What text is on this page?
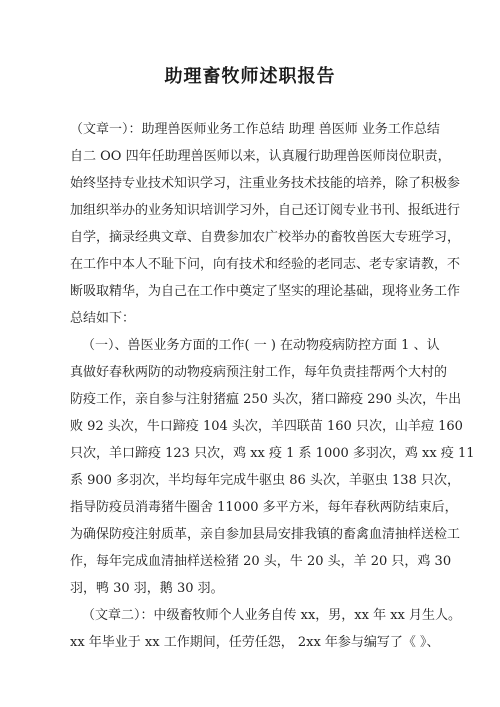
助理畜牧师述职报告
（文章一）：助理兽医师业务工作总结 助理 兽医师 业务工作总结
自二 OO 四年任助理兽医师以来，认真履行助理兽医师岗位职责，
始终坚持专业技术知识学习，注重业务技术技能的培养，除了积极参
加组织举办的业务知识培训学习外，自己还订阅专业书刊、报纸进行
自学，摘录经典文章、自费参加农广校举办的畜牧兽医大专班学习，
在工作中本人不耻下问，向有技术和经验的老同志、老专家请教，不
断吸取精华，为自己在工作中奠定了坚实的理论基础，现将业务工作
总结如下：
（一）、兽医业务方面的工作( 一 ) 在动物疫病防控方面 1 、认
真做好春秋两防的动物疫病预注射工作，每年负责挂帮两个大村的
防疫工作，亲自参与注射猪瘟 250 头次，猪口蹄疫 290 头次，牛出
败 92 头次，牛口蹄疫 104 头次，羊四联苗 160 只次，山羊痘 160
只次，羊口蹄疫 123 只次，鸡 xx 疫 1 系 1000 多羽次，鸡 xx 疫 11
系 900 多羽次，半均每年完成牛驱虫 86 头次，羊驱虫 138 只次，
指导防疫员消毒猪牛圈舍 11000 多平方米，每年春秋两防结束后，
为确保防疫注射质革，亲自参加县局安排我镇的畜禽血清抽样送检工
作，每年完成血清抽样送检猪 20 头，牛 20 头，羊 20 只，鸡 30
羽，鸭 30 羽，鹅 30 羽。
（文章二）：中级畜牧师个人业务自传 xx，男，xx 年 xx 月生人。
xx 年毕业于 xx 工作期间，任劳任怨， 2xx 年参与编写了《 》、
